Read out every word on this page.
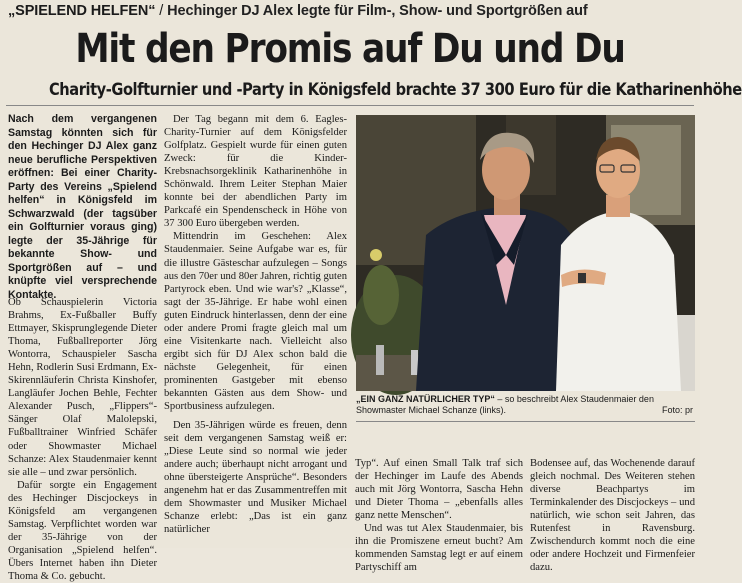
„SPIELEND HELFEN“ / Hechinger DJ Alex legte für Film-, Show- und Sportgrößen auf
Mit den Promis auf Du und Du
Charity-Golfturnier und -Party in Königsfeld brachte 37 300 Euro für die Katharinenhöhe
Nach dem vergangenen Samstag könnten sich für den Hechinger DJ Alex ganz neue berufliche Perspektiven eröffnen: Bei einer Charity-Party des Vereins „Spielend helfen“ in Königsfeld im Schwarzwald (der tagsüber ein Golfturnier voraus ging) legte der 35-Jährige für bekannte Show- und Sportgrößen auf – und knüpfte viel versprechende Kontakte.

Ob Schauspielerin Victoria Brahms, Ex-Fußballer Buffy Ettmayer, Skisprunglegende Dieter Thoma, Fußballreporter Jörg Wontorra, Schauspieler Sascha Hehn, Rodlerin Susi Erdmann, Ex-Skirennläuferin Christa Kinshofer, Langläufer Jochen Behle, Fechter Alexander Pusch, „Flippers“-Sänger Olaf Malolepski, Fußballtrainer Winfried Schäfer oder Showmaster Michael Schanze: Alex Staudenmaier kennt sie alle – und zwar persönlich.

Dafür sorgte ein Engagement des Hechinger Discjockeys in Königsfeld am vergangenen Samstag. Verpflichtet worden war der 35-Jährige von der Organisation „Spielend helfen“. Übers Internet haben ihn Dieter Thoma & Co. gebucht.

Der Tag begann mit dem 6. Eagles-Charity-Turnier auf dem Königsfelder Golfplatz. Gespielt wurde für einen guten Zweck: für die Kinder-Krebsnachsorgeklinik Katharinenhöhe in Schönwald. Ihrem Leiter Stephan Maier konnte bei der abendlichen Party im Parkcafé ein Spendenscheck in Höhe von 37 300 Euro übergeben werden.

Mittendrin im Geschehen: Alex Staudenmaier. Seine Aufgabe war es, für die illustre Gästeschar aufzulegen – Songs aus den 70er und 80er Jahren, richtig guten Partyrock eben. Und wie war's? „Klasse“, sagt der 35-Jährige. Er habe wohl einen guten Eindruck hinterlassen, denn der eine oder andere Promi fragte gleich mal um eine Visitenkarte nach. Vielleicht also ergibt sich für DJ Alex schon bald die nächste Gelegenheit, für einen prominenten Gastgeber mit ebenso bekannten Gästen aus dem Show- und Sportbusiness aufzulegen.

Den 35-Jährigen würde es freuen, denn seit dem vergangenen Samstag weiß er: „Diese Leute sind so normal wie jeder andere auch; überhaupt nicht arrogant und ohne übersteigerte Ansprüche“. Besonders angenehm hat er das Zusammentreffen mit dem Showmaster und Musiker Michael Schanze erlebt: „Das ist ein ganz natürlicher

„EIN GANZ NATÜRLICHER TYP“ – so beschreibt Alex Staudenmaier den Showmaster Michael Schanze (links).	Foto: pr

Typ“. Auf einen Small Talk traf sich der Hechinger im Laufe des Abends auch mit Jörg Wontorra, Sascha Hehn und Dieter Thoma – „ebenfalls alles ganz nette Menschen“.

Und was tut Alex Staudenmaier, bis ihn die Promiszene erneut bucht? Am kommenden Samstag legt er auf einem Partyschiff am

Bodensee auf, das Wochenende darauf gleich nochmal. Des Weiteren stehen diverse Beachpartys im Terminkalender des Discjockeys – und natürlich, wie schon seit Jahren, das Rutenfest in Ravensburg. Zwischendurch kommt noch die eine oder andere Hochzeit und Firmenfeier dazu.
